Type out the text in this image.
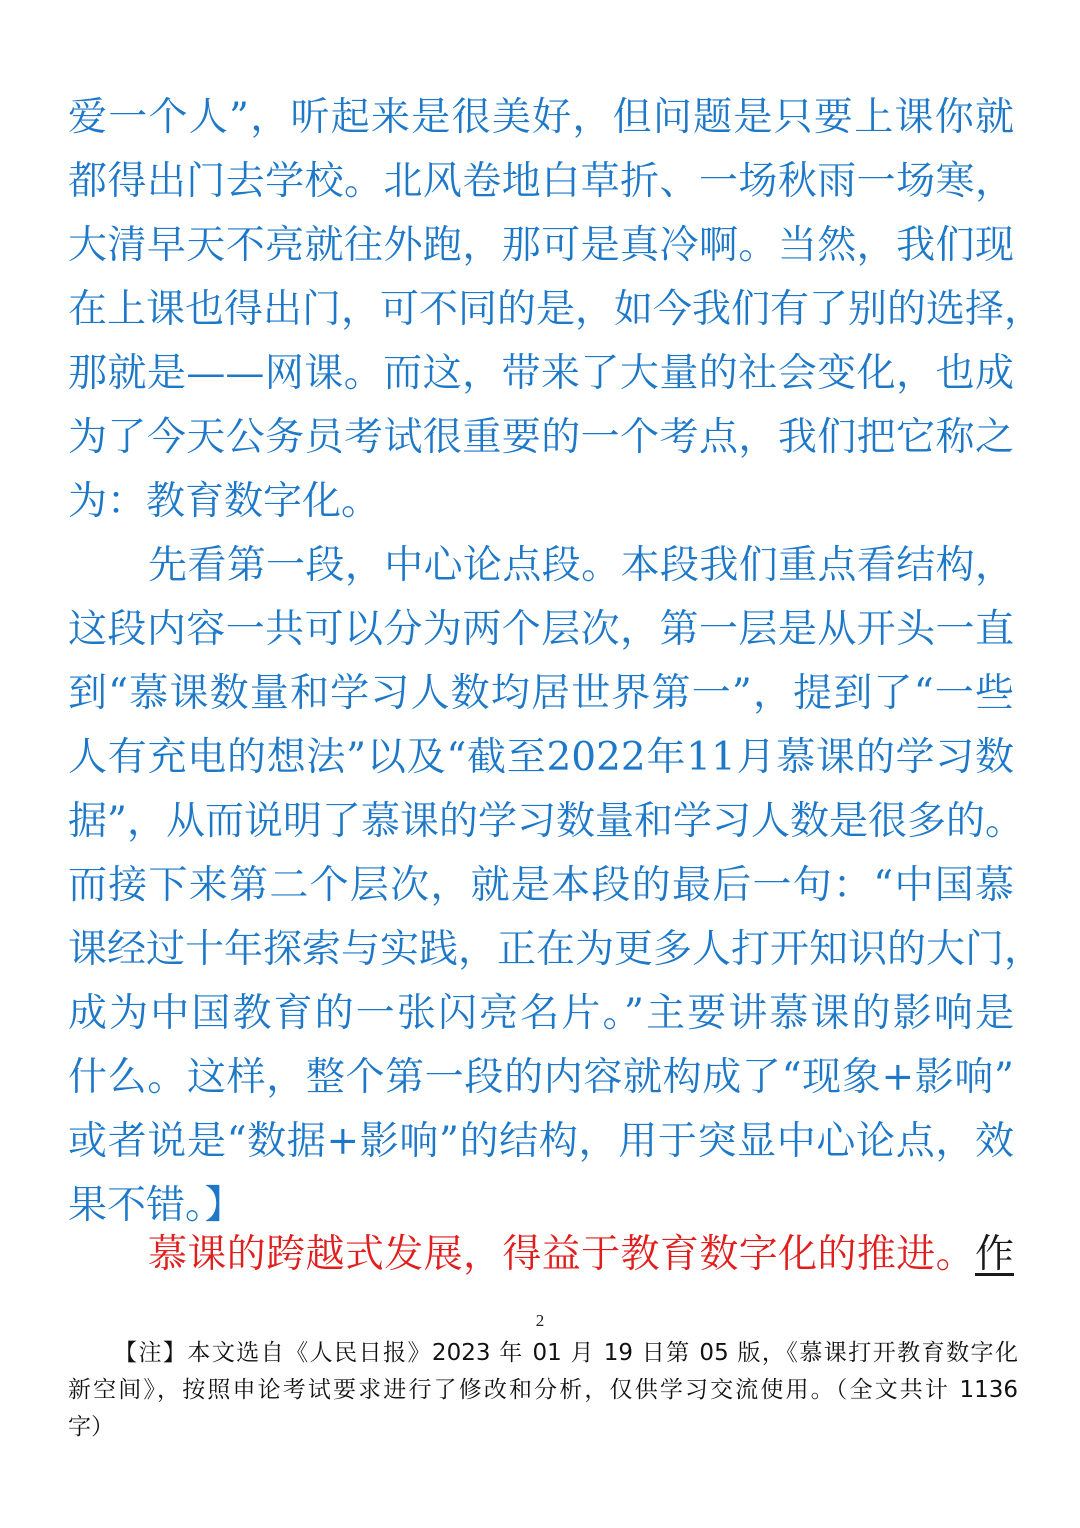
爱一个人”，听起来是很美好，但问题是只要上课你就
都得出门去学校。北风卷地白草折、一场秋雨一场寒，
大清早天不亮就往外跑，那可是真冷啊。当然，我们现
在上课也得出门，可不同的是，如今我们有了别的选择，
那就是——网课。而这，带来了大量的社会变化，也成
为了今天公务员考试很重要的一个考点，我们把它称之
为：教育数字化。
先看第一段，中心论点段。本段我们重点看结构，
这段内容一共可以分为两个层次，第一层是从开头一直
到“慕课数量和学习人数均居世界第一”，提到了“一些
人有充电的想法”以及“截至2022年11月慕课的学习数
据”，从而说明了慕课的学习数量和学习人数是很多的。
而接下来第二个层次，就是本段的最后一句：“中国慕
课经过十年探索与实践，正在为更多人打开知识的大门，
成为中国教育的一张闪亮名片。”主要讲慕课的影响是
什么。这样，整个第一段的内容就构成了“现象+影响”
或者说是“数据+影响”的结构，用于突显中心论点，效
果不错。】
慕课的跨越式发展，得益于教育数字化的推进。作
2
【注】本文选自《人民日报》2023 年 01 月 19 日第 05 版，《慕课打开教育数字化
新空间》，按照申论考试要求进行了修改和分析，仅供学习交流使用。（全文共计 1136
字）
